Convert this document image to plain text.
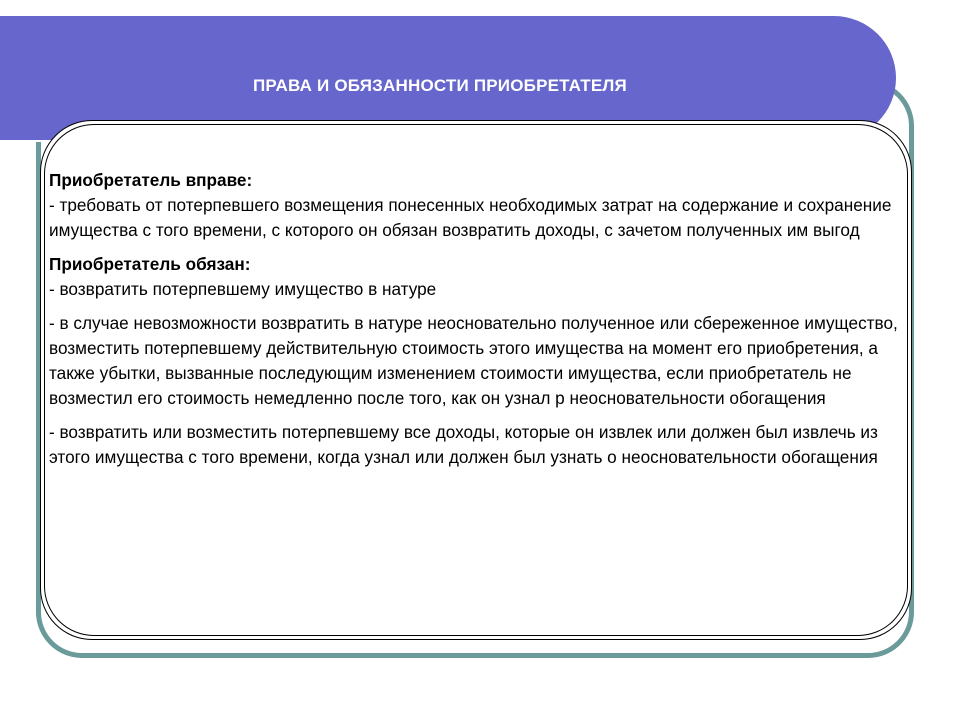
ПРАВА И ОБЯЗАННОСТИ ПРИОБРЕТАТЕЛЯ

Приобретатель вправе:
- требовать от потерпевшего возмещения понесенных необходимых затрат на содержание и сохранение имущества с того времени, с которого он обязан возвратить доходы, с зачетом полученных им выгод

Приобретатель обязан:
- возвратить потерпевшему имущество в натуре

- в случае невозможности возвратить в натуре неосновательно полученное или сбереженное имущество, возместить потерпевшему действительную стоимость этого имущества на момент его приобретения, а также убытки, вызванные последующим изменением стоимости имущества, если приобретатель не возместил его стоимость немедленно после того, как он узнал р неосновательности обогащения

- возвратить или возместить потерпевшему все доходы, которые он извлек или должен был извлечь из этого имущества с того времени, когда узнал или должен был узнать о неосновательности обогащения
